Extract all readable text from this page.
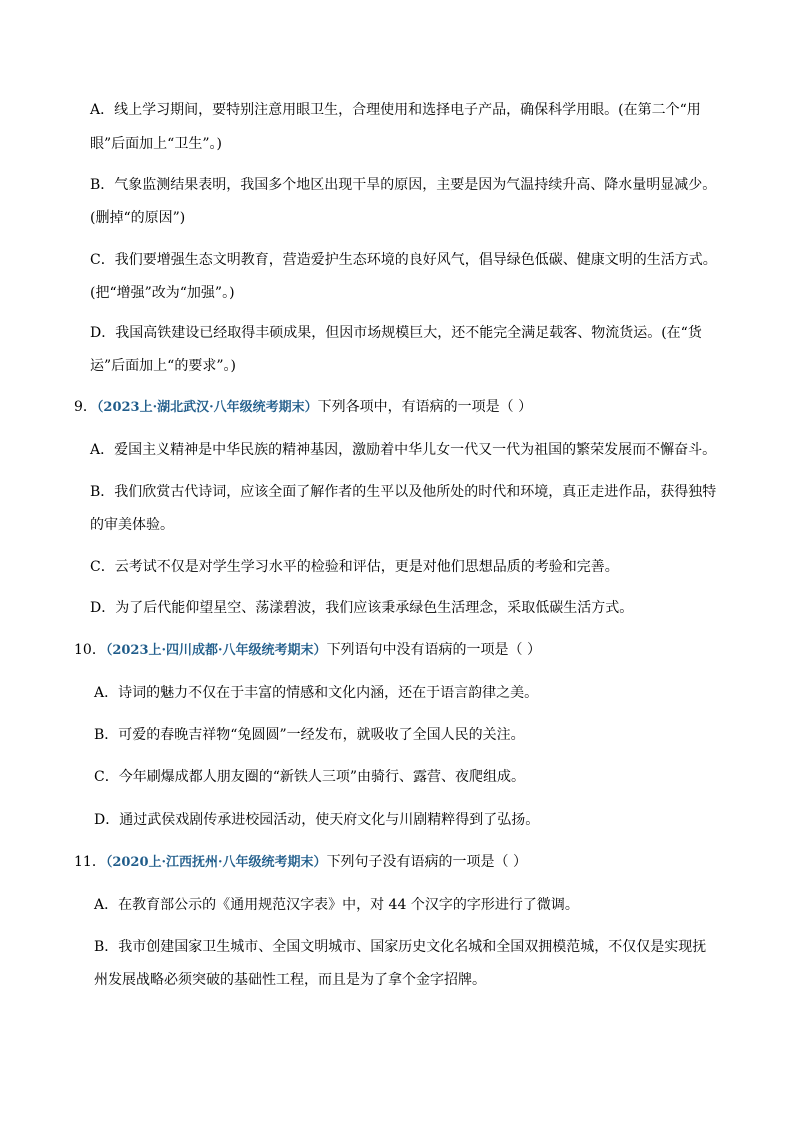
A．线上学习期间，要特别注意用眼卫生，合理使用和选择电子产品，确保科学用眼。(在第二个“用
眼”后面加上“卫生”。)
B．气象监测结果表明，我国多个地区出现干旱的原因，主要是因为气温持续升高、降水量明显减少。
(删掉“的原因”)
C．我们要增强生态文明教育，营造爱护生态环境的良好风气，倡导绿色低碳、健康文明的生活方式。
(把“增强”改为“加强”。)
D．我国高铁建设已经取得丰硕成果，但因市场规模巨大，还不能完全满足载客、物流货运。(在“货
运”后面加上“的要求”。)
9．（2023上·湖北武汉·八年级统考期末）下列各项中，有语病的一项是（ ）
A．爱国主义精神是中华民族的精神基因，激励着中华儿女一代又一代为祖国的繁荣发展而不懈奋斗。
B．我们欣赏古代诗词，应该全面了解作者的生平以及他所处的时代和环境，真正走进作品，获得独特
的审美体验。
C．云考试不仅是对学生学习水平的检验和评估，更是对他们思想品质的考验和完善。
D．为了后代能仰望星空、荡漾碧波，我们应该秉承绿色生活理念，采取低碳生活方式。
10．（2023上·四川成都·八年级统考期末）下列语句中没有语病的一项是（ ）
A．诗词的魅力不仅在于丰富的情感和文化内涵，还在于语言韵律之美。
B．可爱的春晚吉祥物“兔圆圆”一经发布，就吸收了全国人民的关注。
C．今年刷爆成都人朋友圈的“新铁人三项”由骑行、露营、夜爬组成。
D．通过武侯戏剧传承进校园活动，使天府文化与川剧精粹得到了弘扬。
11．（2020上·江西抚州·八年级统考期末）下列句子没有语病的一项是（ ）
A．在教育部公示的《通用规范汉字表》中，对 44 个汉字的字形进行了微调。
B．我市创建国家卫生城市、全国文明城市、国家历史文化名城和全国双拥模范城，不仅仅是实现抚
州发展战略必须突破的基础性工程，而且是为了拿个金字招牌。
